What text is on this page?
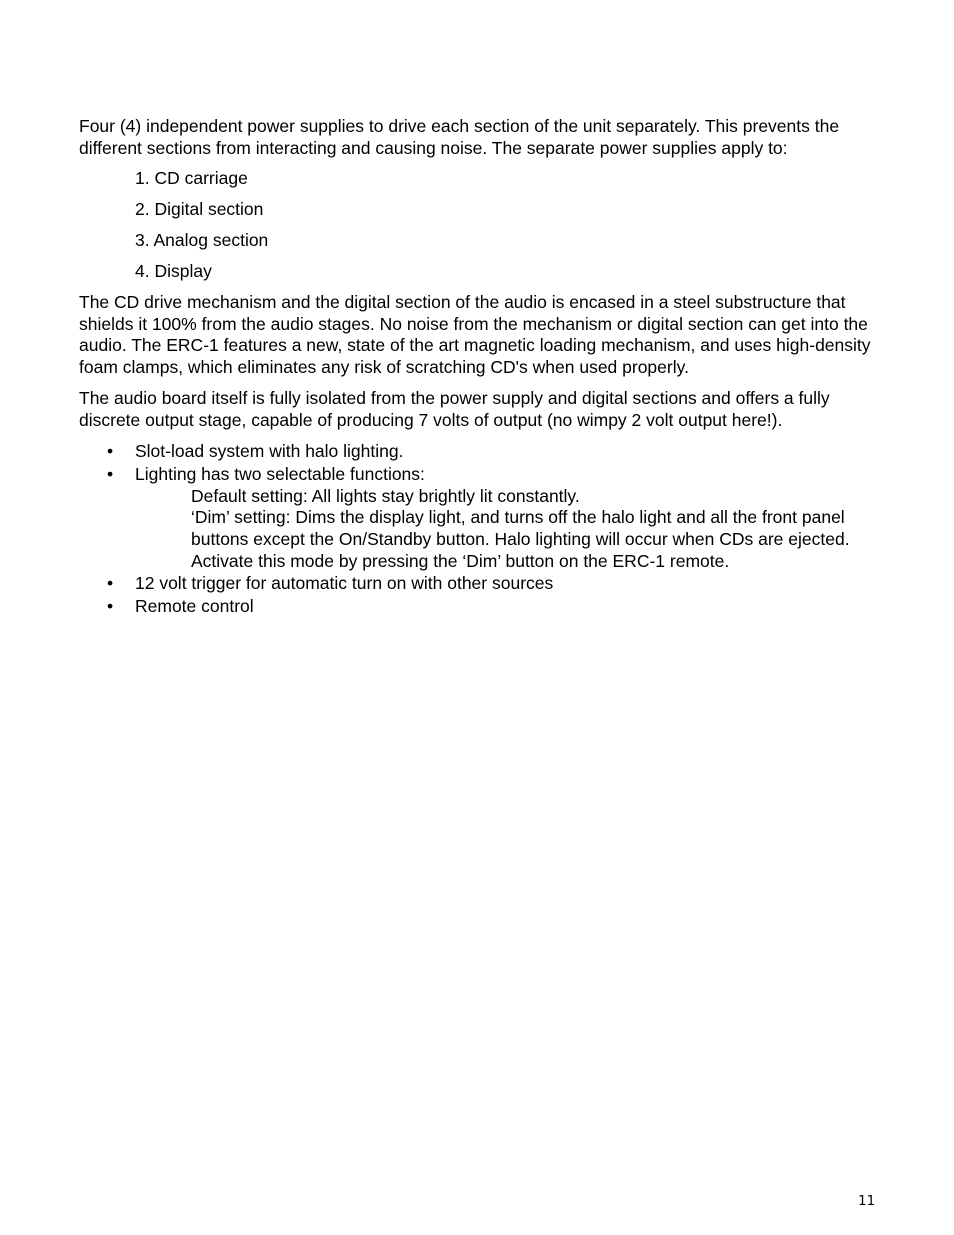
Four (4) independent power supplies to drive each section of the unit separately. This prevents the different sections from interacting and causing noise. The separate power supplies apply to:

1. CD carriage
2. Digital section
3. Analog section
4. Display

The CD drive mechanism and the digital section of the audio is encased in a steel substructure that shields it 100% from the audio stages. No noise from the mechanism or digital section can get into the audio. The ERC-1 features a new, state of the art magnetic loading mechanism, and uses high-density foam clamps, which eliminates any risk of scratching CD's when used properly.

The audio board itself is fully isolated from the power supply and digital sections and offers a fully discrete output stage, capable of producing 7 volts of output (no wimpy 2 volt output here!).

• Slot-load system with halo lighting.
• Lighting has two selectable functions:
Default setting: All lights stay brightly lit constantly.
‘Dim’ setting: Dims the display light, and turns off the halo light and all the front panel buttons except the On/Standby button. Halo lighting will occur when CDs are ejected. Activate this mode by pressing the ‘Dim’ button on the ERC-1 remote.
• 12 volt trigger for automatic turn on with other sources
• Remote control
11
